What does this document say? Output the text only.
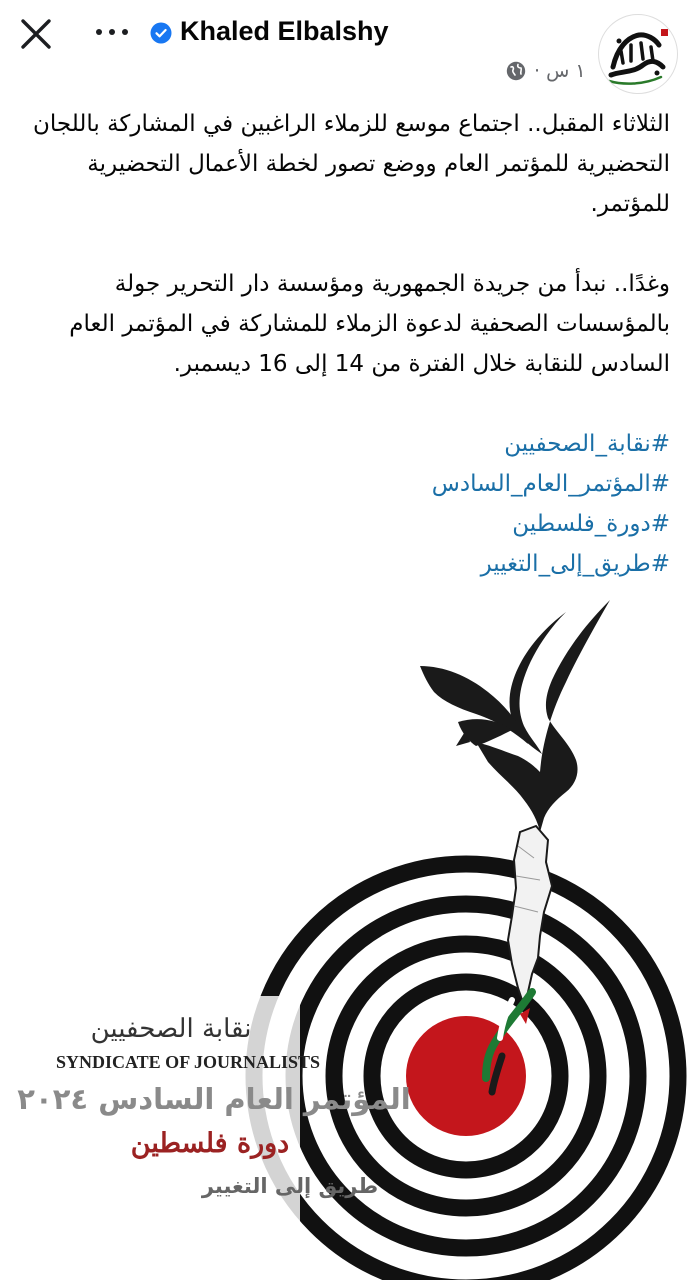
Khaled Elbalshy
١ س ·

الثلاثاء المقبل.. اجتماع موسع للزملاء الراغبين في المشاركة باللجان التحضيرية للمؤتمر العام ووضع تصور لخطة الأعمال التحضيرية للمؤتمر.

وغدًا.. نبدأ من جريدة الجمهورية ومؤسسة دار التحرير جولة بالمؤسسات الصحفية لدعوة الزملاء للمشاركة في المؤتمر العام السادس للنقابة خلال الفترة من 14 إلى 16 ديسمبر.

#نقابة_الصحفيين
#المؤتمر_العام_السادس
#دورة_فلسطين
#طريق_إلى_التغيير
نقابة الصحفيين
SYNDICATE OF JOURNALISTS
المؤتمر العام السادس ٢٠٢٤
دورة فلسطين
طريق إلى التغيير
